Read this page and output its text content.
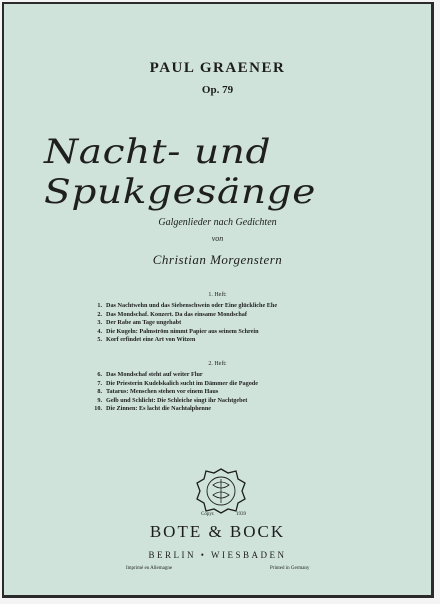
PAUL GRAENER
Op. 79
Nacht- und Spukgesänge
Galgenlieder nach Gedichten
von
Christian Morgenstern
1. Heft:
1. Das Nachtwehn und das Siebenschwein oder Eine glückliche Ehe
2. Das Mondschaf. Konzert. Da das einsame Mondschaf
3. Der Rabe am Tage ungehabt
4. Die Kugeln: Palmström nimmt Papier aus seinem Schrein
5. Korf erfindet eine Art von Witzen
2. Heft:
6. Das Mondschaf steht auf weiter Flur
7. Die Priesterin Kudelskalich sucht im Dämmer die Pagode
8. Tatarus: Menschen stehen vor einem Haus
9. Gelb und Schlicht: Die Schleiche singt ihr Nachtgebet
10. Die Zinnen: Es lacht die Nachtalphenne
Copyr.	1939
BOTE & BOCK
BERLIN • WIESBADEN
Imprimé en Allemagne	Printed in Germany
